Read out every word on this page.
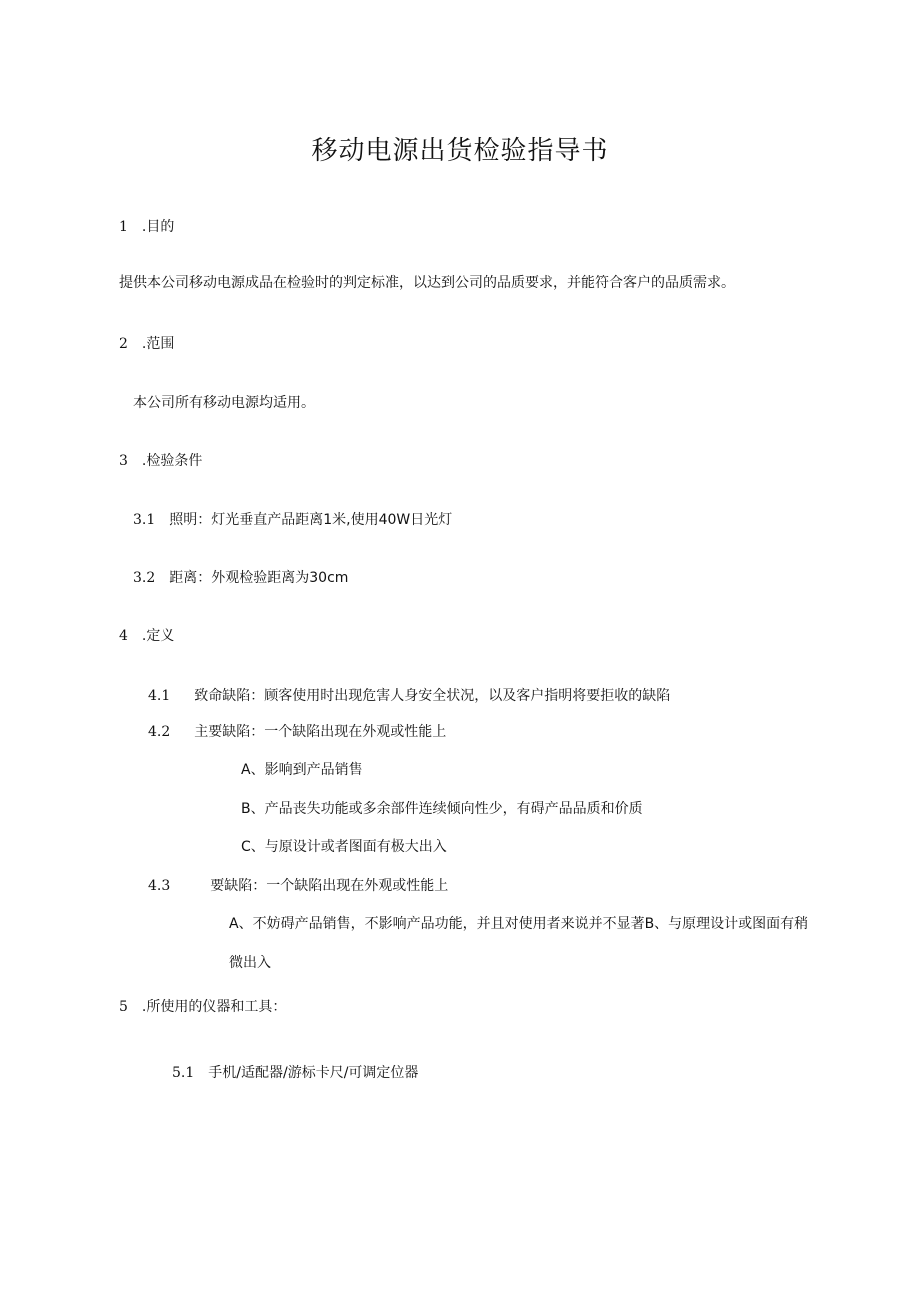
移动电源出货检验指导书
1 .目的
提供本公司移动电源成品在检验时的判定标准，以达到公司的品质要求，并能符合客户的品质需求。
2 .范围
本公司所有移动电源均适用。
3 .检验条件
3.1 照明：灯光垂直产品距离1米,使用40W日光灯
3.2 距离：外观检验距离为30cm
4 .定义
4.1 致命缺陷：顾客使用时出现危害人身安全状况，以及客户指明将要拒收的缺陷
4.2 主要缺陷：一个缺陷出现在外观或性能上
A、影响到产品销售
B、产品丧失功能或多余部件连续倾向性少，有碍产品品质和价质
C、与原设计或者图面有极大出入
4.3	要缺陷：一个缺陷出现在外观或性能上
A、不妨碍产品销售，不影响产品功能，并且对使用者来说并不显著B、与原理设计或图面有稍
微出入
5 .所使用的仪器和工具：
5.1 手机/适配器/游标卡尺/可调定位器
